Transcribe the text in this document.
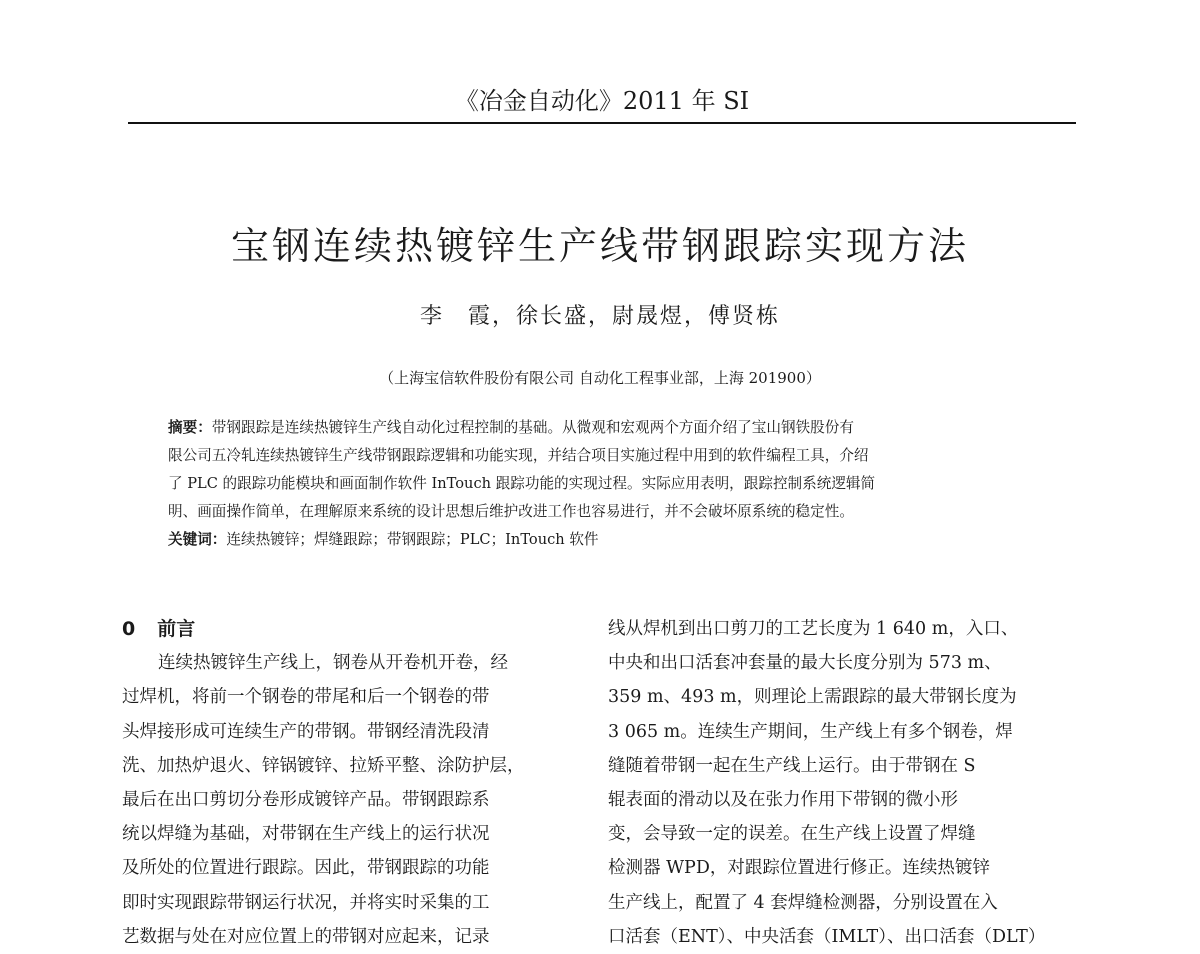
《冶金自动化》2011 年 SI
宝钢连续热镀锌生产线带钢跟踪实现方法
李　霞，徐长盛，尉晟煜，傅贤栋
（上海宝信软件股份有限公司 自动化工程事业部，上海 201900）
摘要：带钢跟踪是连续热镀锌生产线自动化过程控制的基础。从微观和宏观两个方面介绍了宝山钢铁股份有
限公司五冷轧连续热镀锌生产线带钢跟踪逻辑和功能实现，并结合项目实施过程中用到的软件编程工具，介绍
了 PLC 的跟踪功能模块和画面制作软件 InTouch 跟踪功能的实现过程。实际应用表明，跟踪控制系统逻辑简
明、画面操作简单，在理解原来系统的设计思想后维护改进工作也容易进行，并不会破坏原系统的稳定性。
关键词：连续热镀锌；焊缝跟踪；带钢跟踪；PLC；InTouch 软件
0 前言
连续热镀锌生产线上，钢卷从开卷机开卷，经
过焊机，将前一个钢卷的带尾和后一个钢卷的带
头焊接形成可连续生产的带钢。带钢经清洗段清
洗、加热炉退火、锌锅镀锌、拉矫平整、涂防护层，
最后在出口剪切分卷形成镀锌产品。带钢跟踪系
统以焊缝为基础，对带钢在生产线上的运行状况
及所处的位置进行跟踪。因此，带钢跟踪的功能
即时实现跟踪带钢运行状况，并将实时采集的工
艺数据与处在对应位置上的带钢对应起来，记录
线从焊机到出口剪刀的工艺长度为 1 640 m，入口、
中央和出口活套冲套量的最大长度分别为 573 m、
359 m、493 m，则理论上需跟踪的最大带钢长度为
3 065 m。连续生产期间，生产线上有多个钢卷，焊
缝随着带钢一起在生产线上运行。由于带钢在 S
辊表面的滑动以及在张力作用下带钢的微小形
变，会导致一定的误差。在生产线上设置了焊缝
检测器 WPD，对跟踪位置进行修正。连续热镀锌
生产线上，配置了 4 套焊缝检测器，分别设置在入
口活套（ENT）、中央活套（IMLT）、出口活套（DLT）
